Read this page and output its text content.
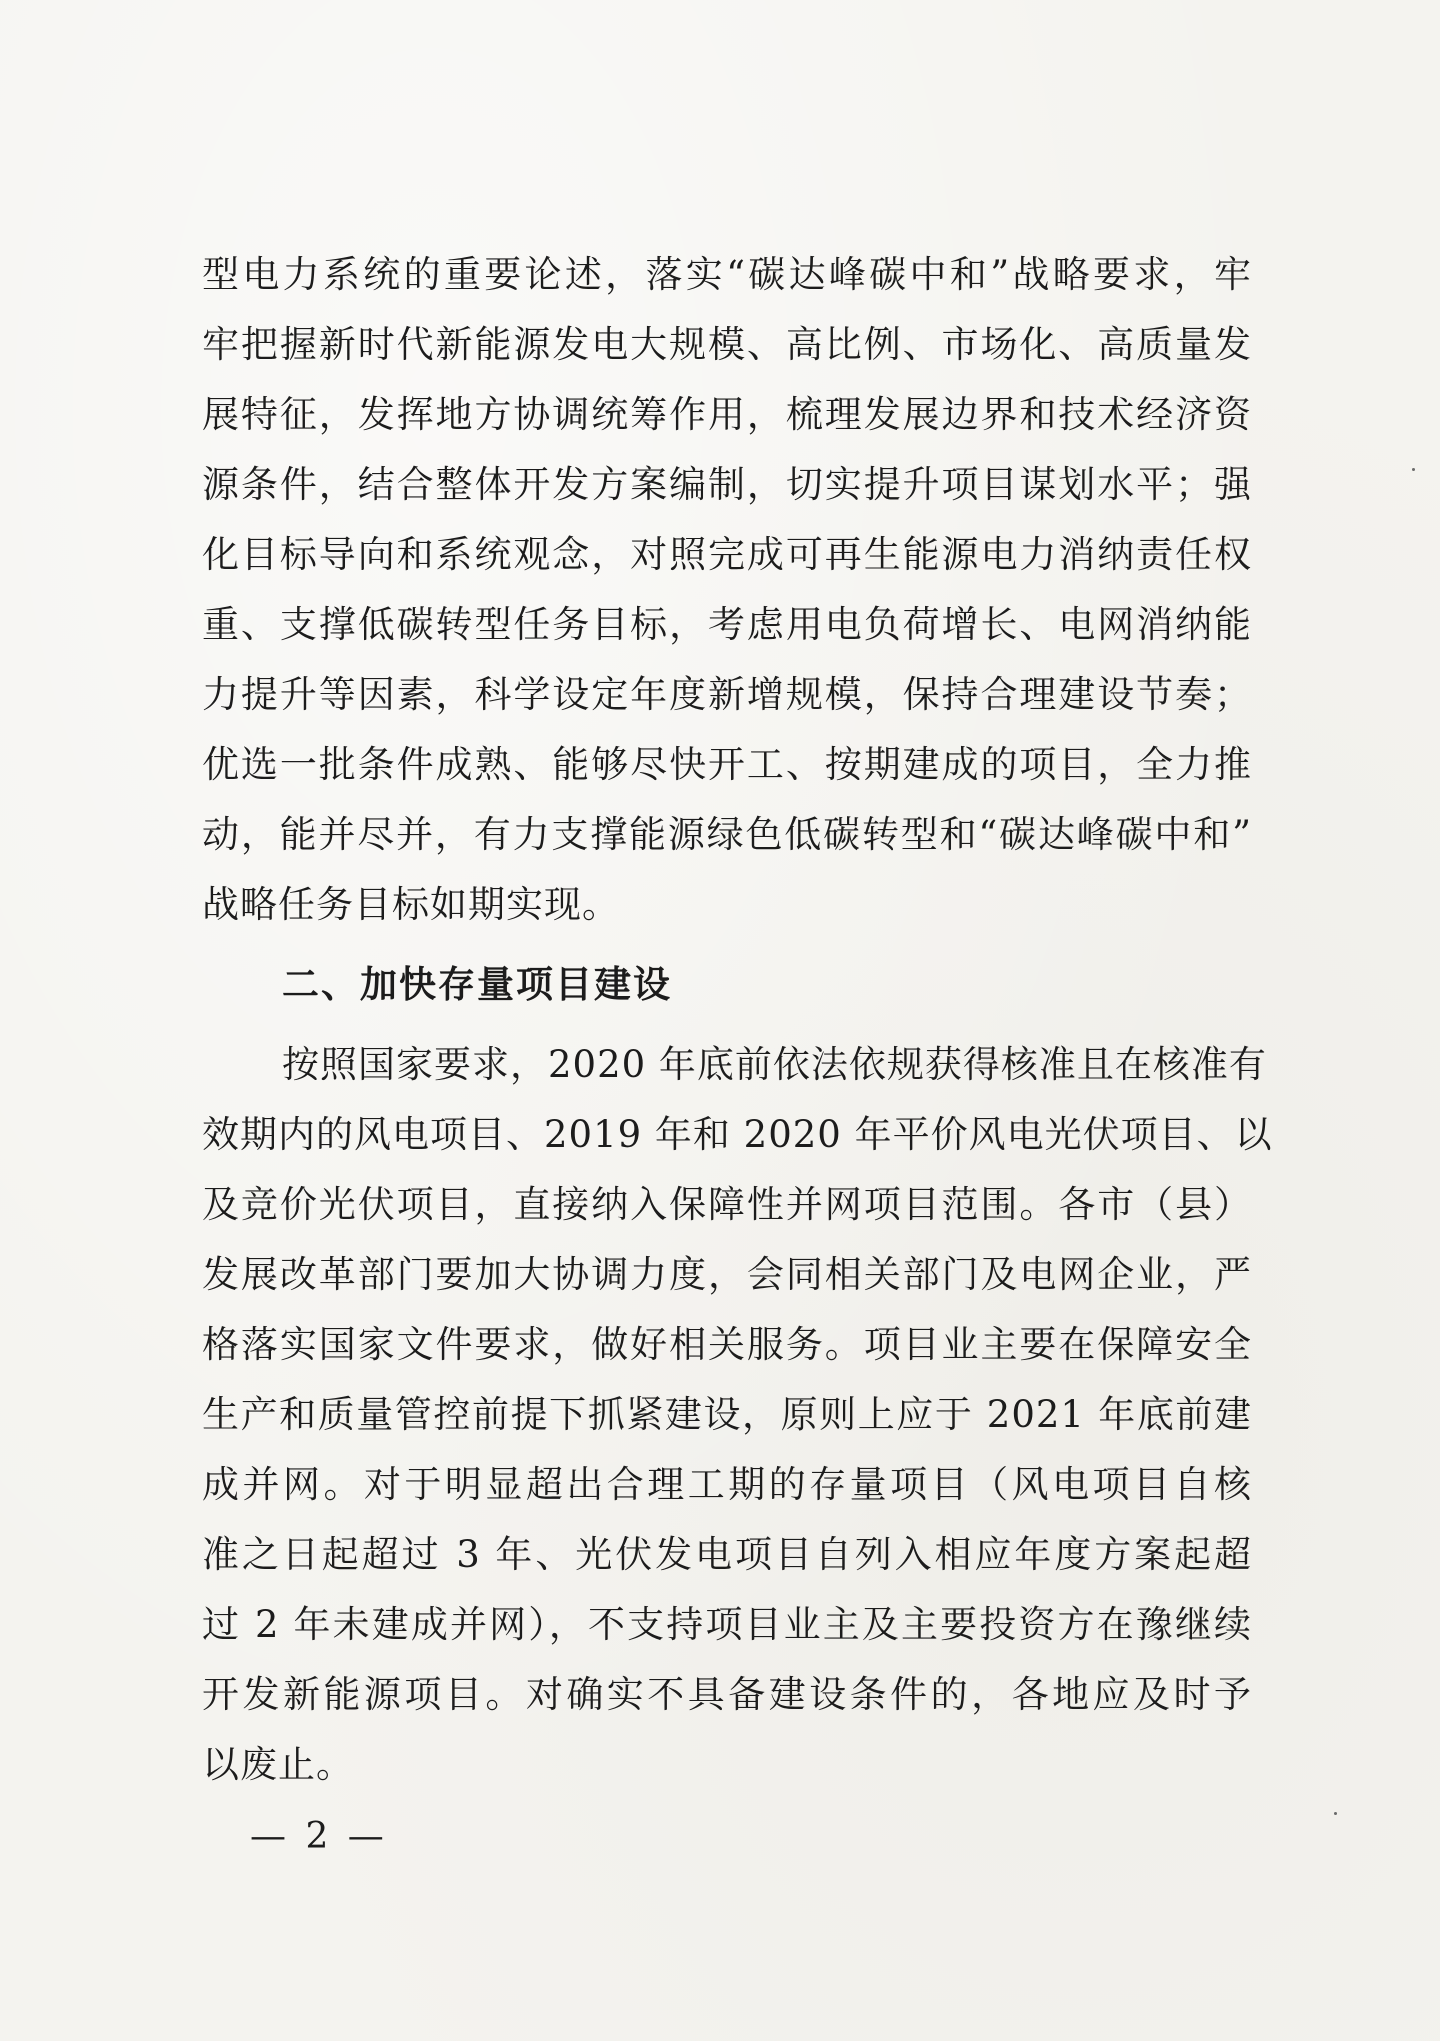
型电力系统的重要论述，落实“碳达峰碳中和”战略要求，牢
牢把握新时代新能源发电大规模、高比例、市场化、高质量发
展特征，发挥地方协调统筹作用，梳理发展边界和技术经济资
源条件，结合整体开发方案编制，切实提升项目谋划水平；强
化目标导向和系统观念，对照完成可再生能源电力消纳责任权
重、支撑低碳转型任务目标，考虑用电负荷增长、电网消纳能
力提升等因素，科学设定年度新增规模，保持合理建设节奏；
优选一批条件成熟、能够尽快开工、按期建成的项目，全力推
动，能并尽并，有力支撑能源绿色低碳转型和“碳达峰碳中和”
战略任务目标如期实现。
二、加快存量项目建设
按照国家要求，2020 年底前依法依规获得核准且在核准有
效期内的风电项目、2019 年和 2020 年平价风电光伏项目、以
及竞价光伏项目，直接纳入保障性并网项目范围。各市（县）
发展改革部门要加大协调力度，会同相关部门及电网企业，严
格落实国家文件要求，做好相关服务。项目业主要在保障安全
生产和质量管控前提下抓紧建设，原则上应于 2021 年底前建
成并网。对于明显超出合理工期的存量项目（风电项目自核
准之日起超过 3 年、光伏发电项目自列入相应年度方案起超
过 2 年未建成并网），不支持项目业主及主要投资方在豫继续
开发新能源项目。对确实不具备建设条件的，各地应及时予
以废止。
— 2 —
